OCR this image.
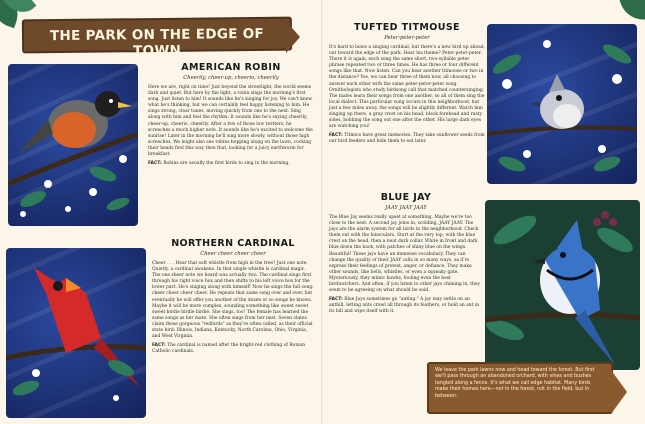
THE PARK ON THE EDGE OF TOWN
AMERICAN ROBIN
Cheerily, cheer-up, cheerio, cheerily
Here we are, right on time! Just beyond the streetlight, the world seems dark and quiet. But here by the light, a robin sings the morning's first song. Just listen to him! It sounds like he's singing for joy. We can't know what he's thinking, but we can certainly feel happy listening to him. He sings strong, clear tunes, moving quickly from one to the next. Sing along with him and feel the rhythm: It sounds like he's saying cheerily, cheer-up, cheerio, cheerily. After a few of those low twitters, he screeches a much higher note. It sounds like he's excited to welcome the sunrise! Later in the morning he'll sing more slowly, without those high screeches. We might also see robins hopping along on the lawn, cocking their heads first this way then that, looking for a juicy earthworm for breakfast.
FACT: Robins are usually the first birds to sing in the morning.
NORTHERN CARDINAL
Cheer cheer cheer cheer
Cheer . . . Hear that soft whistle from high in the tree? Just one note. Quietly, a cardinal awakens. In that single whistle is cardinal magic. The one sheer note we heard was actually two. The cardinal sings first through his right voice box and then shifts to his left voice box for the lower part. He's singing along with himself! Now he sings the full song: cheer cheer cheer cheer. He repeats that same song over and over, but eventually he will offer you another of the dozen or so songs he knows. Maybe it will be more complex, sounding something like sweet sweet sweet birdie birdie birdie. She sings, too! The female has learned the same songs as her mate. She often sings from her nest. Seven states claim these gorgeous "redbirds" as they're often called, as their official state bird: Illinois, Indiana, Kentucky, North Carolina, Ohio, Virginia, and West Virginia.
FACT: The cardinal is named after the bright-red clothing of Roman Catholic cardinals.
TUFTED TITMOUSE
Peter-peter-peter
It's hard to leave a singing cardinal, but there's a new bird up ahead, out toward the edge of the park. Hear his theme? Peter-peter-peter. There it is again, each song the same short, two-syllable peter phrase repeated two or three times. He has three or four different songs like that. Now listen. Can you hear another titmouse or two in the distance? Yes, we can hear three of them now, all choosing to answer each other with the same peter-peter-peter song. Ornithologists who study birdsong call that matched countersinging. The males learn their songs from one another, so all of them sing the local dialect. This particular song occurs in this neighborhood, but just a few miles away, the songs will be slightly different. Watch him singing up there, a gray crest on his head, black forehead and rusty sides, bobbing the song out one after the other. His large dark eyes are watching you!
FACT: Titmice have great memories. They take sunflower seeds from our bird feeders and hide them to eat later.
BLUE JAY
JAAY JAAY JAAY
The Blue Jay seems really upset at something. Maybe we're too close to the nest. A second jay joins in, scolding, JAAY JAAY. The jays are the alarm system for all birds in the neighborhood. Check them out with the binoculars. Start at the very top, with the blue crest on the head, then a neat dark collar. White in front and dark blue down the back, with patches of shiny blue on the wings. Beautiful! These jays have an immense vocabulary. They can change the quality of their JAAY calls in so many ways, as if to express their feelings of protest, anger, or defiance. They make other sounds, like bells, whistles, or even a squeaky gate. Mysteriously, they mimic hawks, fooling even the best birdwatchers. And often, if you listen to other jays chiming in, they seem to be agreeing on what should be said.
FACT: Blue Jays sometimes go "anting." A jay may settle on an anthill, letting ants crawl all through its feathers, or hold an ant in its bill and wipe itself with it.
We leave the park lawns now and head toward the forest. But first we'll pass through an abandoned orchard, with vines and bushes tangled along a fence. It's what we call edge habitat. Many birds make their homes here—not in the forest, not in the field, but in between.
